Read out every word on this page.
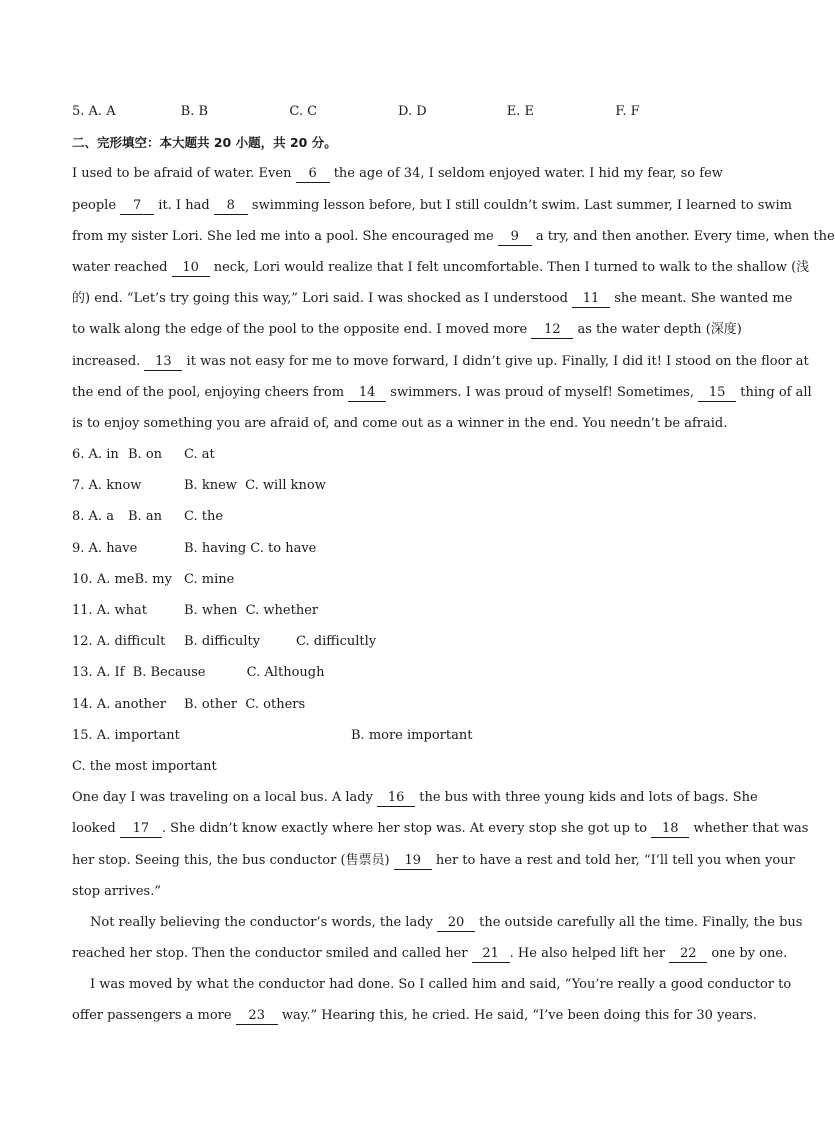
5. A. A	B. B	C. C	D. D	E. E	F. F
二、完形填空：本大题共 20 小题，共 20 分。
I used to be afraid of water. Even 6 the age of 34, I seldom enjoyed water. I hid my fear, so few
people 7 it. I had 8 swimming lesson before, but I still couldn’t swim. Last summer, I learned to swim
from my sister Lori. She led me into a pool. She encouraged me 9 a try, and then another. Every time, when the
water reached 10 neck, Lori would realize that I felt uncomfortable. Then I turned to walk to the shallow (浅
的) end. “Let’s try going this way,” Lori said. I was shocked as I understood 11 she meant. She wanted me
to walk along the edge of the pool to the opposite end. I moved more 12 as the water depth (深度)
increased. 13 it was not easy for me to move forward, I didn’t give up. Finally, I did it! I stood on the floor at
the end of the pool, enjoying cheers from 14 swimmers. I was proud of myself! Sometimes, 15 thing of all
is to enjoy something you are afraid of, and come out as a winner in the end. You needn’t be afraid.
6. A. in B. on	C. at
7. A. know	B. knew
C. will know
8. A. a	B. an	C. the
9. A. have	B. having C. to have
10. A. meB. my C. mine
11. A. what	B. when
C. whether
12. A. difficult	B. difficulty	C. difficultly
13. A. If
B. Because	C. Although
14. A. another	B. other
C. others
15. A. important	B. more important
C. the most important
One day I was traveling on a local bus. A lady 16 the bus with three young kids and lots of bags. She
looked 17 . She didn’t know exactly where her stop was. At every stop she got up to 18 whether that was
her stop. Seeing this, the bus conductor (售票员) 19 her to have a rest and told her, “I’ll tell you when your
stop arrives.”
Not really believing the conductor’s words, the lady 20 the outside carefully all the time. Finally, the bus
reached her stop. Then the conductor smiled and called her 21 . He also helped lift her 22 one by one.
I was moved by what the conductor had done. So I called him and said, “You’re really a good conductor to
offer passengers a more 23 way.” Hearing this, he cried. He said, “I’ve been doing this for 30 years.
